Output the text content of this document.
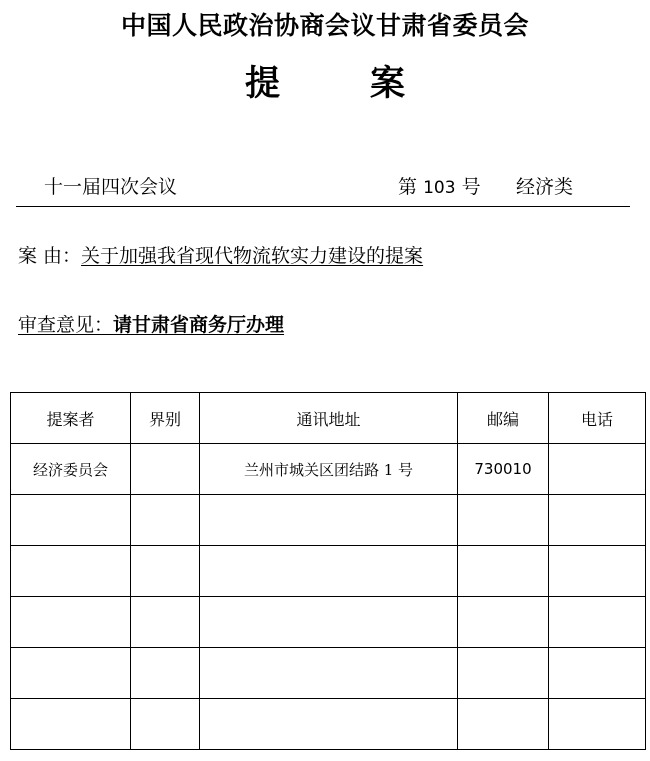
中国人民政治协商会议甘肃省委员会
提	案
十一届四次会议	第 103 号 经济类
案 由：关于加强我省现代物流软实力建设的提案
审查意见：请甘肃省商务厅办理
提案者	界别	通讯地址	邮编	电话
经济委员会		兰州市城关区团结路 1 号	730010	
